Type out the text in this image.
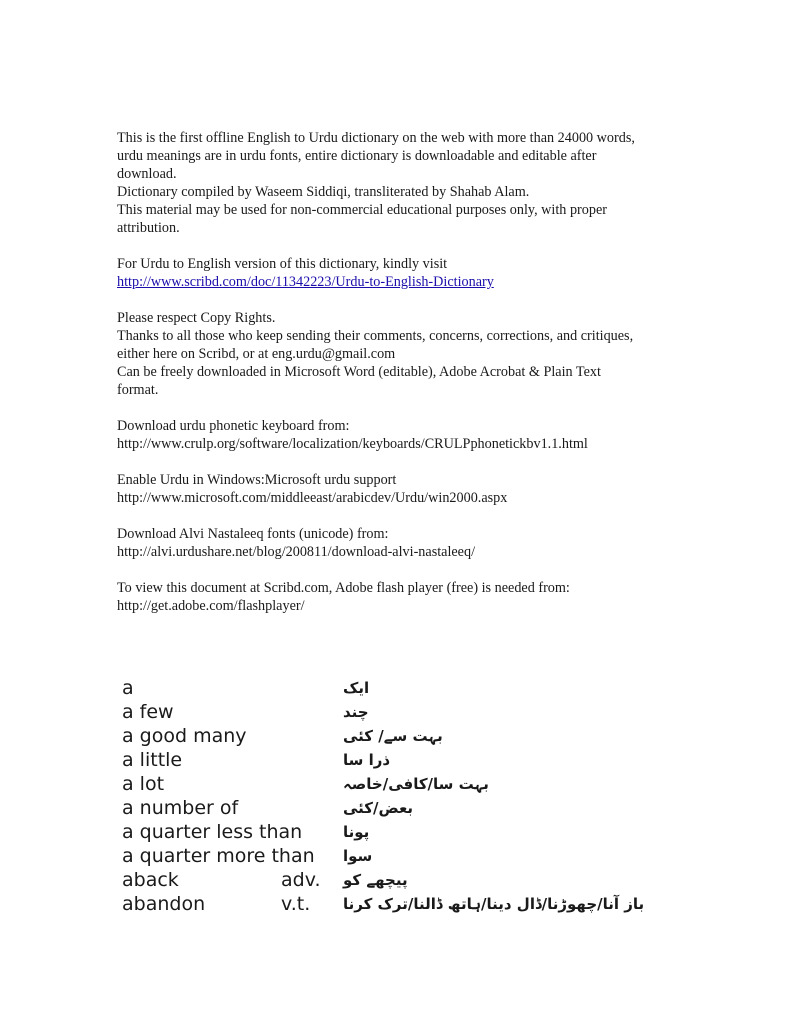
This is the first offline English to Urdu dictionary on the web with more than 24000 words,
urdu meanings are in urdu fonts, entire dictionary is downloadable and editable after
download.
Dictionary compiled by Waseem Siddiqi, transliterated by Shahab Alam.
This material may be used for non-commercial educational purposes only, with proper
attribution.

For Urdu to English version of this dictionary, kindly visit
http://www.scribd.com/doc/11342223/Urdu-to-English-Dictionary

Please respect Copy Rights.
Thanks to all those who keep sending their comments, concerns, corrections, and critiques,
either here on Scribd, or at eng.urdu@gmail.com
Can be freely downloaded in Microsoft Word (editable), Adobe Acrobat & Plain Text
format.

Download urdu phonetic keyboard from:
http://www.crulp.org/software/localization/keyboards/CRULPphonetickbv1.1.html

Enable Urdu in Windows:Microsoft urdu support
http://www.microsoft.com/middleeast/arabicdev/Urdu/win2000.aspx

Download Alvi Nastaleeq fonts (unicode) from:
http://alvi.urdushare.net/blog/200811/download-alvi-nastaleeq/

To view this document at Scribd.com, Adobe flash player (free) is needed from:
http://get.adobe.com/flashplayer/

a	ایک
a few	چند
a good many	بہت سے/ کئی
a little	ذرا سا
a lot	بہت سا/کافی/خاصہ
a number of	بعض/کئی
a quarter less than	پونا
a quarter more than سوا
aback	adv. پیچھے کو
abandon	v.t. باز آنا/چھوڑنا/ڈال دینا/ہاتھ ڈالنا/ترک کرنا
